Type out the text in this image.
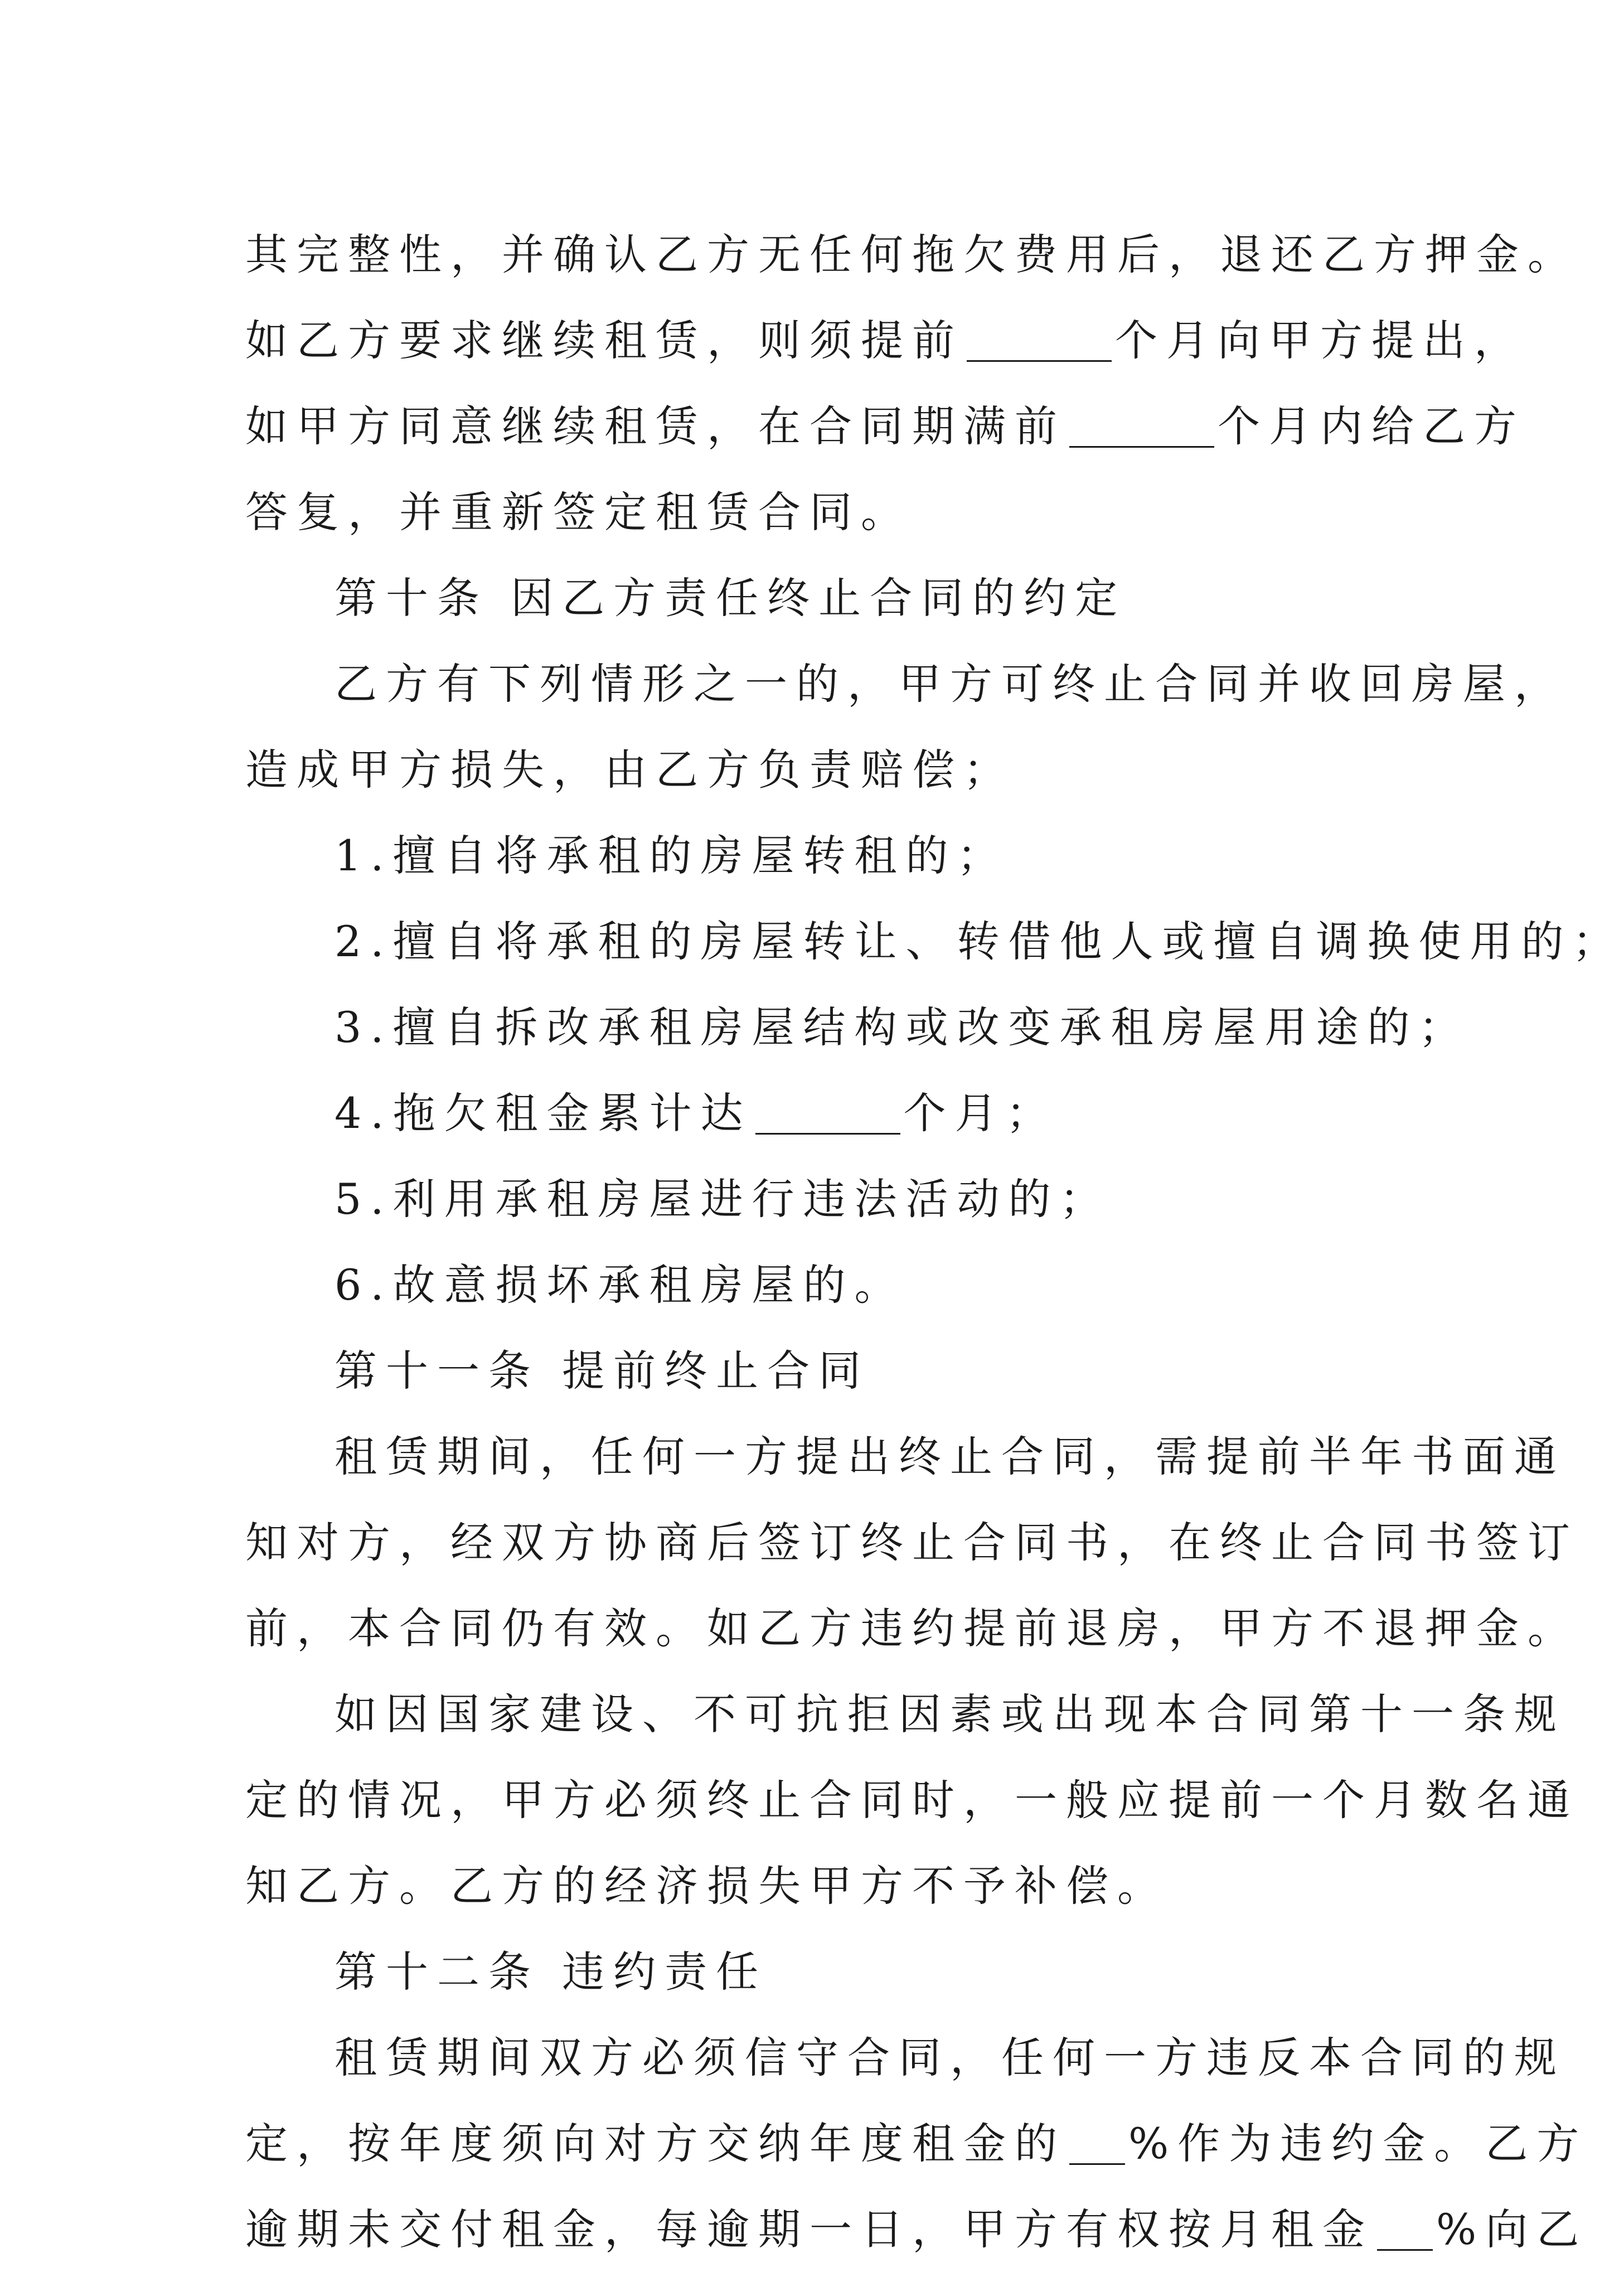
其完整性，并确认乙方无任何拖欠费用后，退还乙方押金。
如乙方要求继续租赁，则须提前	个月向甲方提出，
如甲方同意继续租赁，在合同期满前	个月内给乙方
答复，并重新签定租赁合同。
第十条 因乙方责任终止合同的约定
乙方有下列情形之一的，甲方可终止合同并收回房屋，
造成甲方损失，由乙方负责赔偿；
1.擅自将承租的房屋转租的；
2.擅自将承租的房屋转让、转借他人或擅自调换使用的；
3.擅自拆改承租房屋结构或改变承租房屋用途的；
4.拖欠租金累计达	个月；
5.利用承租房屋进行违法活动的；
6.故意损坏承租房屋的。
第十一条 提前终止合同
租赁期间，任何一方提出终止合同，需提前半年书面通
知对方，经双方协商后签订终止合同书，在终止合同书签订
前，本合同仍有效。如乙方违约提前退房，甲方不退押金。
如因国家建设、不可抗拒因素或出现本合同第十一条规
定的情况，甲方必须终止合同时，一般应提前一个月数名通
知乙方。乙方的经济损失甲方不予补偿。
第十二条 违约责任
租赁期间双方必须信守合同，任何一方违反本合同的规
定，按年度须向对方交纳年度租金的 %作为违约金。乙方
逾期未交付租金，每逾期一日，甲方有权按月租金 %向乙
